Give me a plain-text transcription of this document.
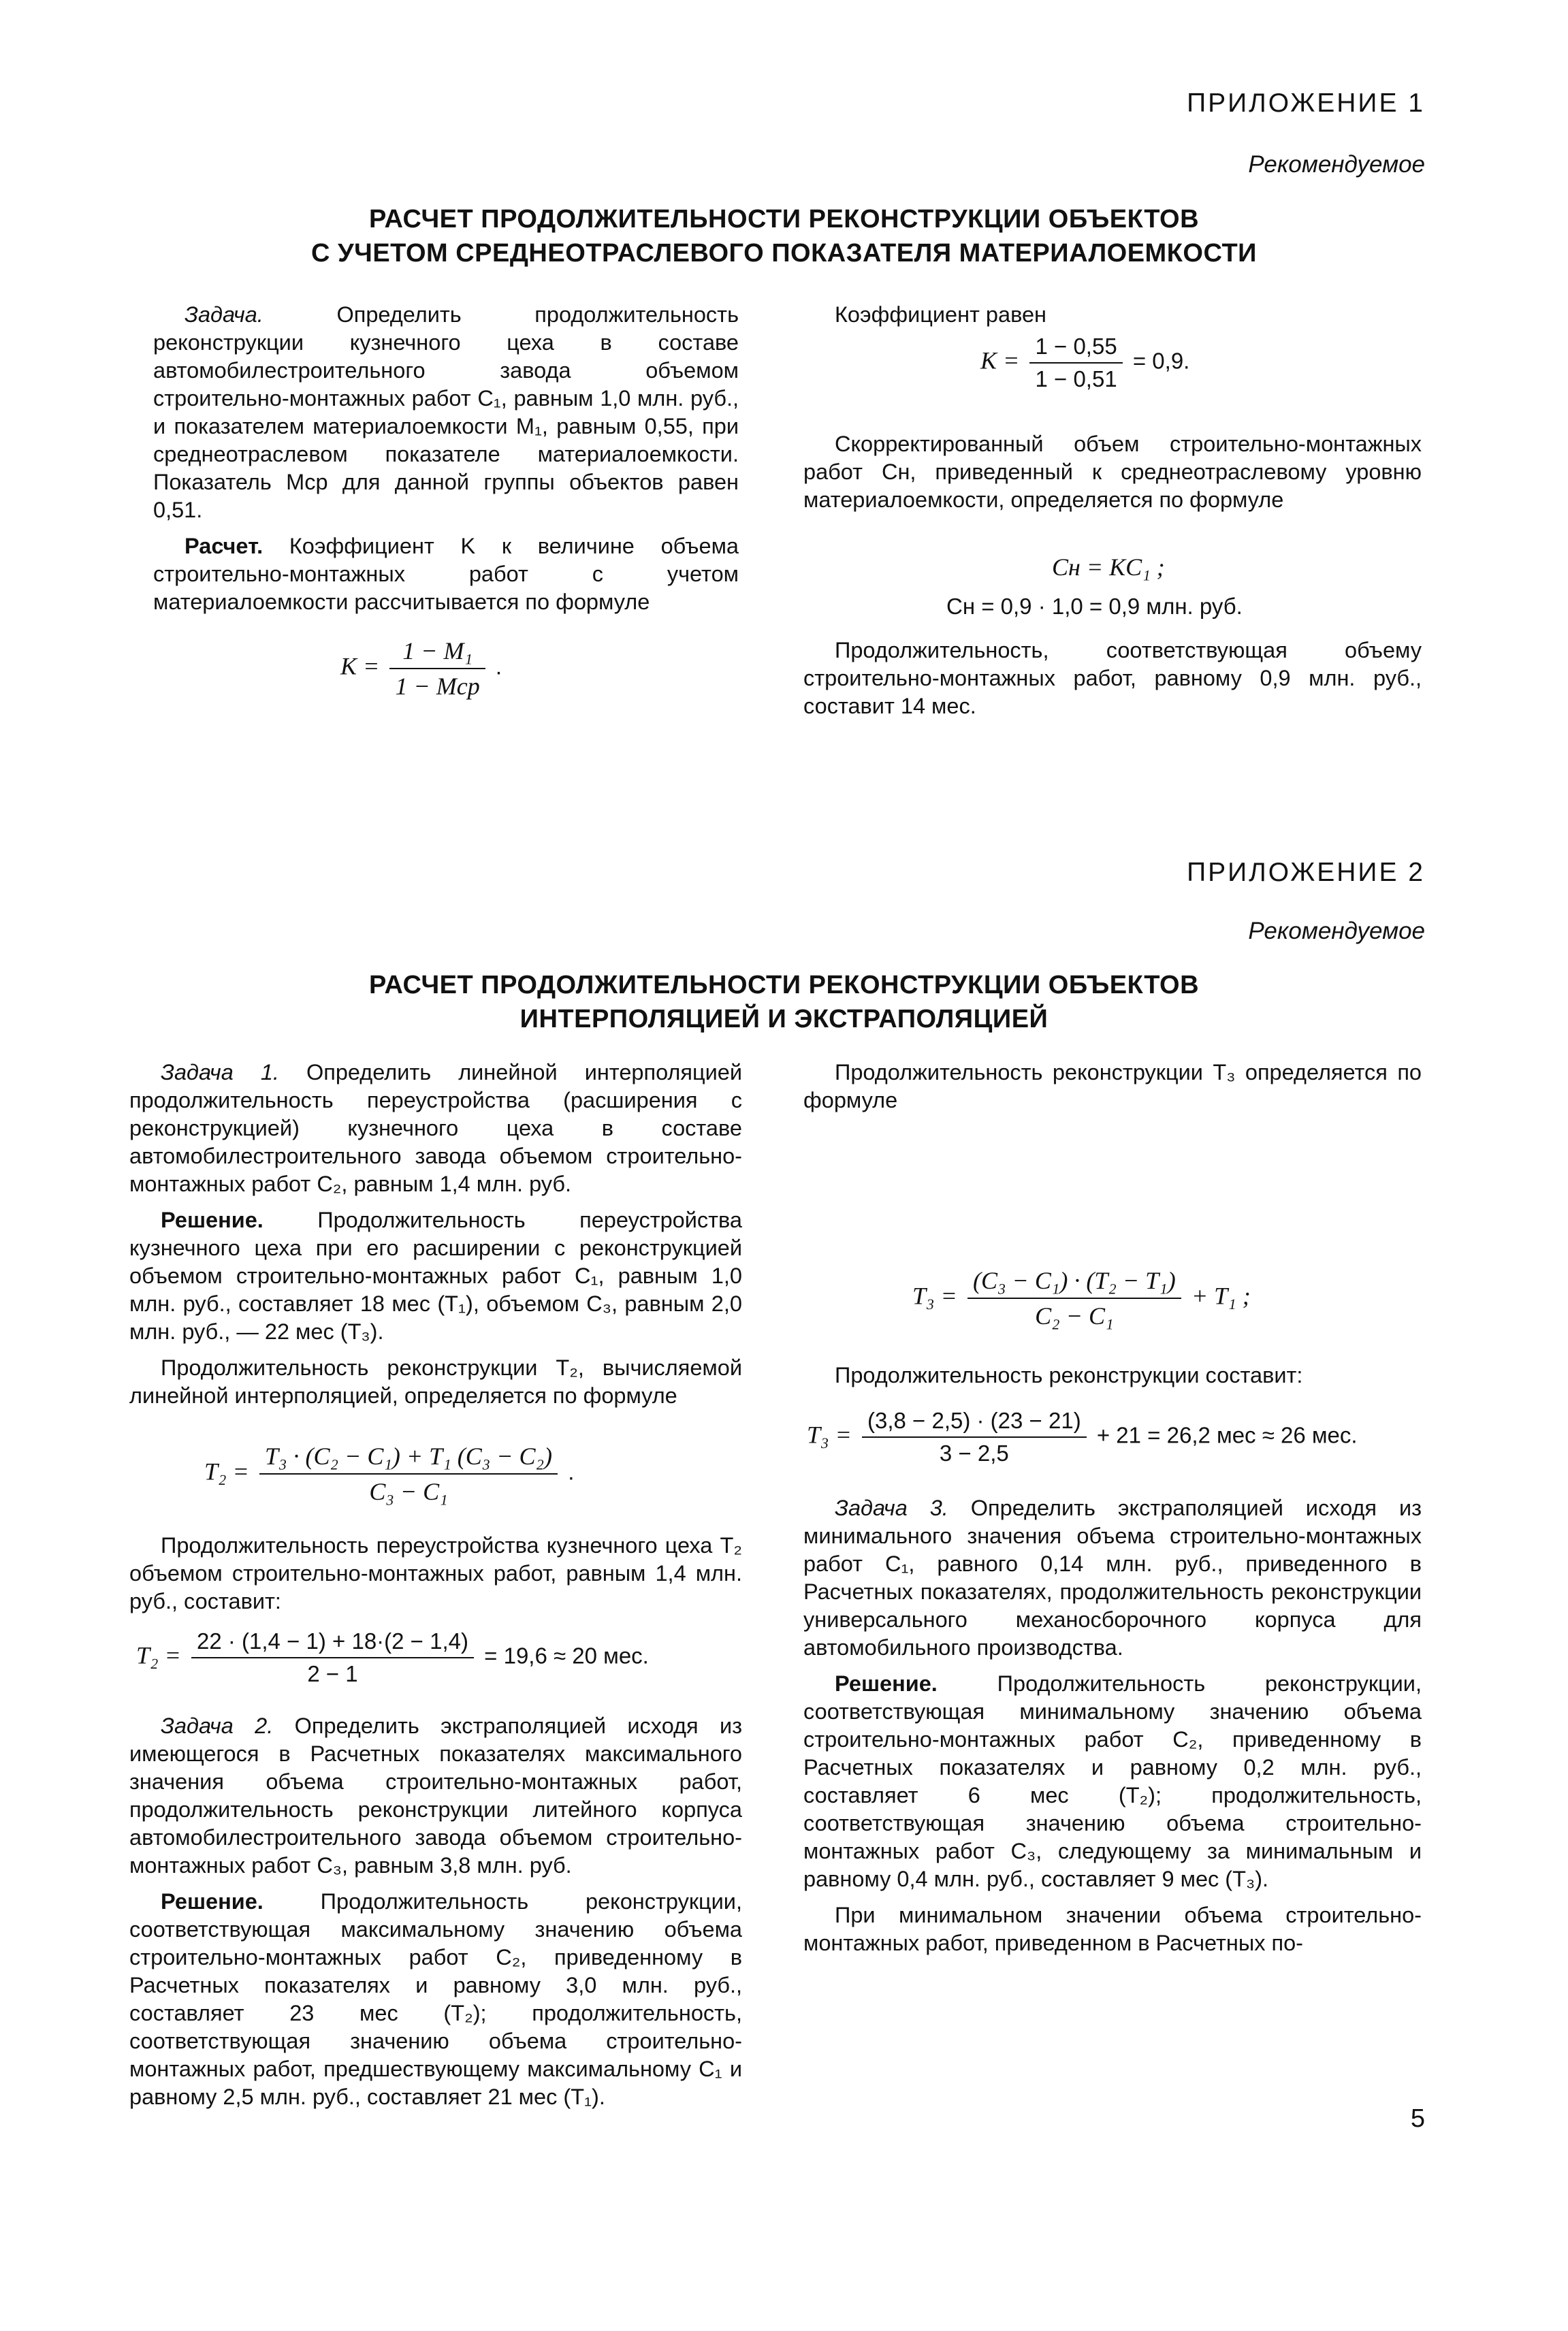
ПРИЛОЖЕНИЕ 1
Рекомендуемое
РАСЧЕТ ПРОДОЛЖИТЕЛЬНОСТИ РЕКОНСТРУКЦИИ ОБЪЕКТОВ
С УЧЕТОМ СРЕДНЕОТРАСЛЕВОГО ПОКАЗАТЕЛЯ МАТЕРИАЛОЕМКОСТИ

Задача.	Определить продолжительность реконструкции кузнечного цеха в составе автомобилестроительного завода объемом строительно-монтажных работ C₁, равным 1,0 млн. руб., и показателем материалоемкости M₁, равным 0,55, при среднеотраслевом показателе материалоемкости. Показатель Mср для данной группы объектов равен 0,51.

Расчет. Коэффициент K к величине объема строительно-монтажных работ с учетом материалоемкости рассчитывается по формуле

$K = \frac{\text{1 − M₁}}{\text{1 − Mср}}$ .

Коэффициент равен

$K = \frac{1 - 0,55}{1 - 0,51} = 0,9$.

Скорректированный объем строительно-монтажных работ Cн, приведенный к среднеотраслевому уровню материалоемкости, определяется по формуле

Cн = KC₁ ;
Cн = 0,9 · 1,0 = 0,9 млн. руб.

Продолжительность, соответствующая объему строительно-монтажных работ, равному 0,9 млн. руб., составит 14 мес.

ПРИЛОЖЕНИЕ 2
Рекомендуемое
РАСЧЕТ ПРОДОЛЖИТЕЛЬНОСТИ РЕКОНСТРУКЦИИ ОБЪЕКТОВ
ИНТЕРПОЛЯЦИЕЙ И ЭКСТРАПОЛЯЦИЕЙ

Задача 1. Определить линейной интерполяцией продолжительность переустройства (расширения с реконструкцией) кузнечного цеха в составе автомобилестроительного завода объемом строительно-монтажных работ C₂, равным 1,4 млн. руб.

Решение. Продолжительность переустройства кузнечного цеха при его расширении с реконструкцией объемом строительно-монтажных работ C₁, равным 1,0 млн. руб., составляет 18 мес (T₁), объемом C₃, равным 2,0 млн. руб., — 22 мес (T₃).

Продолжительность реконструкции T₂, вычисляемой линейной интерполяцией, определяется по формуле

$T_2 = \frac{\text{T₃ · (C₂ − C₁) + T₁ (C₃ − C₂)}}{\text{C₃ − C₁}}$ .

Продолжительность переустройства кузнечного цеха T₂ объемом строительно-монтажных работ, равным 1,4 млн. руб., составит:

$T_2 = \frac{22 \cdot (1,4 - 1) + 18\cdot(2 - 1,4)}{2 - 1} = 19,6 \approx 20$ мес.

Задача 2. Определить экстраполяцией исходя из имеющегося в Расчетных показателях максимального значения объема строительно-монтажных работ, продолжительность реконструкции литейного корпуса автомобилестроительного завода объемом строительно-монтажных работ C₃, равным 3,8 млн. руб.

Решение.	Продолжительность реконструкции, соответствующая максимальному значению объема строительно-монтажных работ C₂, приведенному в Расчетных показателях и равному 3,0 млн. руб., составляет 23 мес (T₂); продолжительность, соответствующая значению объема строительно-монтажных работ, предшествующему максимальному C₁ и равному 2,5 млн. руб., составляет 21 мес (T₁).

Продолжительность реконструкции T₃ определяется по формуле

$T_3 = \frac{\text{(C₃ − C₁) · (T₂ − T₁)}}{\text{C₂ − C₁}} + T_1$ ;

Продолжительность реконструкции составит:

$T_3 = \frac{(3,8 - 2,5) \cdot (23 - 21)}{3 - 2,5} + 21 = 26,2$ мес ≈ 26 мес.

Задача 3. Определить экстраполяцией исходя из минимального значения объема строительно-монтажных работ C₁, равного 0,14 млн. руб., приведенного в Расчетных показателях, продолжительность реконструкции универсального механосборочного корпуса для автомобильного производства.

Решение.	Продолжительность реконструкции, соответствующая минимальному значению объема строительно-монтажных работ C₂, приведенному в Расчетных показателях и равному 0,2 млн. руб., составляет 6 мес (T₂); продолжительность, соответствующая значению объема строительно-монтажных работ C₃, следующему за минимальным и равному 0,4 млн. руб., составляет 9 мес (T₃).

При минимальном значении объема строительно-монтажных работ, приведенном в Расчетных по-

5
